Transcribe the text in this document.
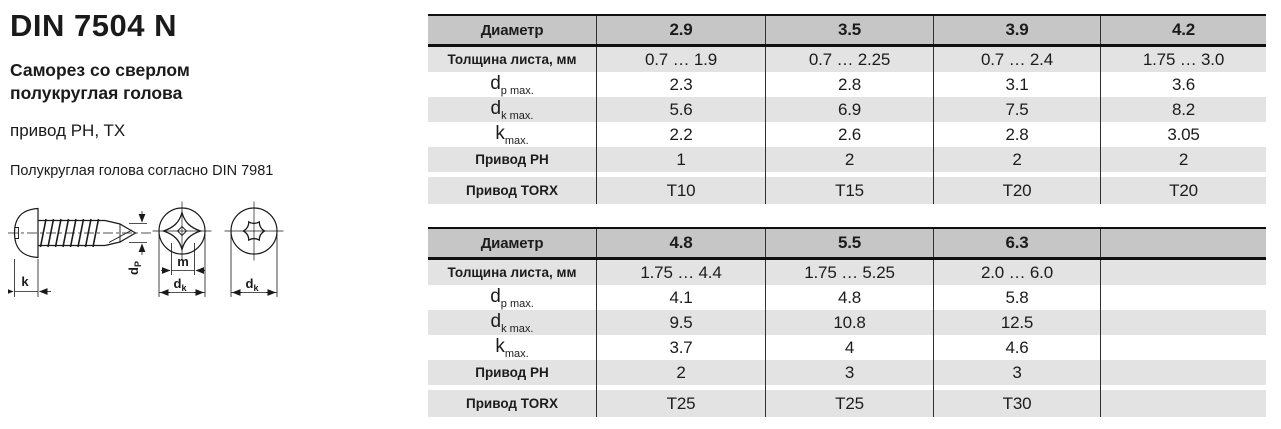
DIN 7504 N
Саморез со сверлом полукруглая голова
привод PH, TX
Полукруглая голова согласно DIN 7981
k
$d_P$	m
$d_k$	$d_k$
Диаметр	2.9	3.5	3.9	4.2
Толщина листа, мм	0.7 … 1.9	0.7 … 2.25	0.7 … 2.4	1.75 … 3.0
$d_{p max.}$	2.3	2.8	3.1	3.6
$d_{k max.}$	5.6	6.9	7.5	8.2
$k_{max.}$	2.2	2.6	2.8	3.05
Привод PH	1	2	2	2
Привод TORX	T10	T15	T20	T20
Диаметр	4.8	5.5	6.3
Толщина листа, мм	1.75 … 4.4	1.75 … 5.25	2.0 … 6.0
$d_{p max.}$	4.1	4.8	5.8
$d_{k max.}$	9.5	10.8	12.5
$k_{max.}$	3.7	4	4.6
Привод PH	2	3	3
Привод TORX	T25	T25	T30
